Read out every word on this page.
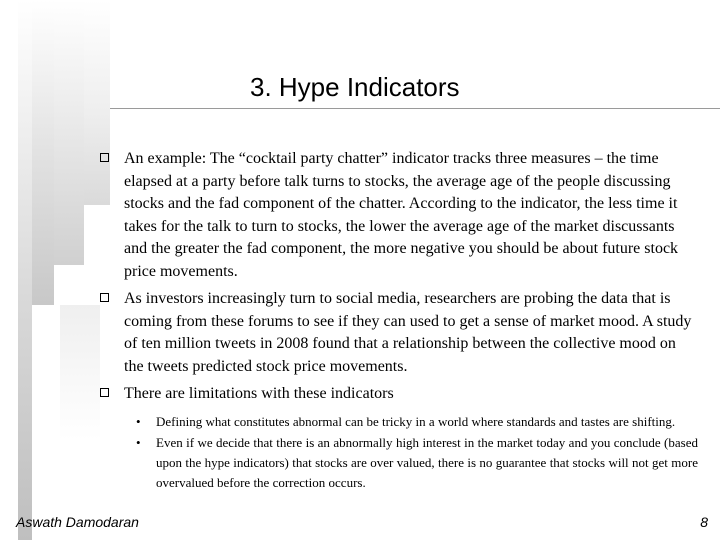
3. Hype Indicators
An example: The “cocktail party chatter” indicator tracks three measures – the time elapsed at a party before talk turns to stocks, the average age of the people discussing stocks and the fad component of the chatter. According to the indicator, the less time it takes for the talk to turn to stocks, the lower the average age of the market discussants and the greater the fad component, the more negative you should be about future stock price movements.
As investors increasingly turn to social media, researchers are probing the data that is coming from these forums to see if they can used to get a sense of market mood. A study of ten million tweets in 2008 found that a relationship between the collective mood on the tweets predicted stock price movements.
There are limitations with these indicators
• Defining what constitutes abnormal can be tricky in a world where standards and tastes are shifting.
• Even if we decide that there is an abnormally high interest in the market today and you conclude (based upon the hype indicators) that stocks are over valued, there is no guarantee that stocks will not get more overvalued before the correction occurs.
Aswath Damodaran	8
